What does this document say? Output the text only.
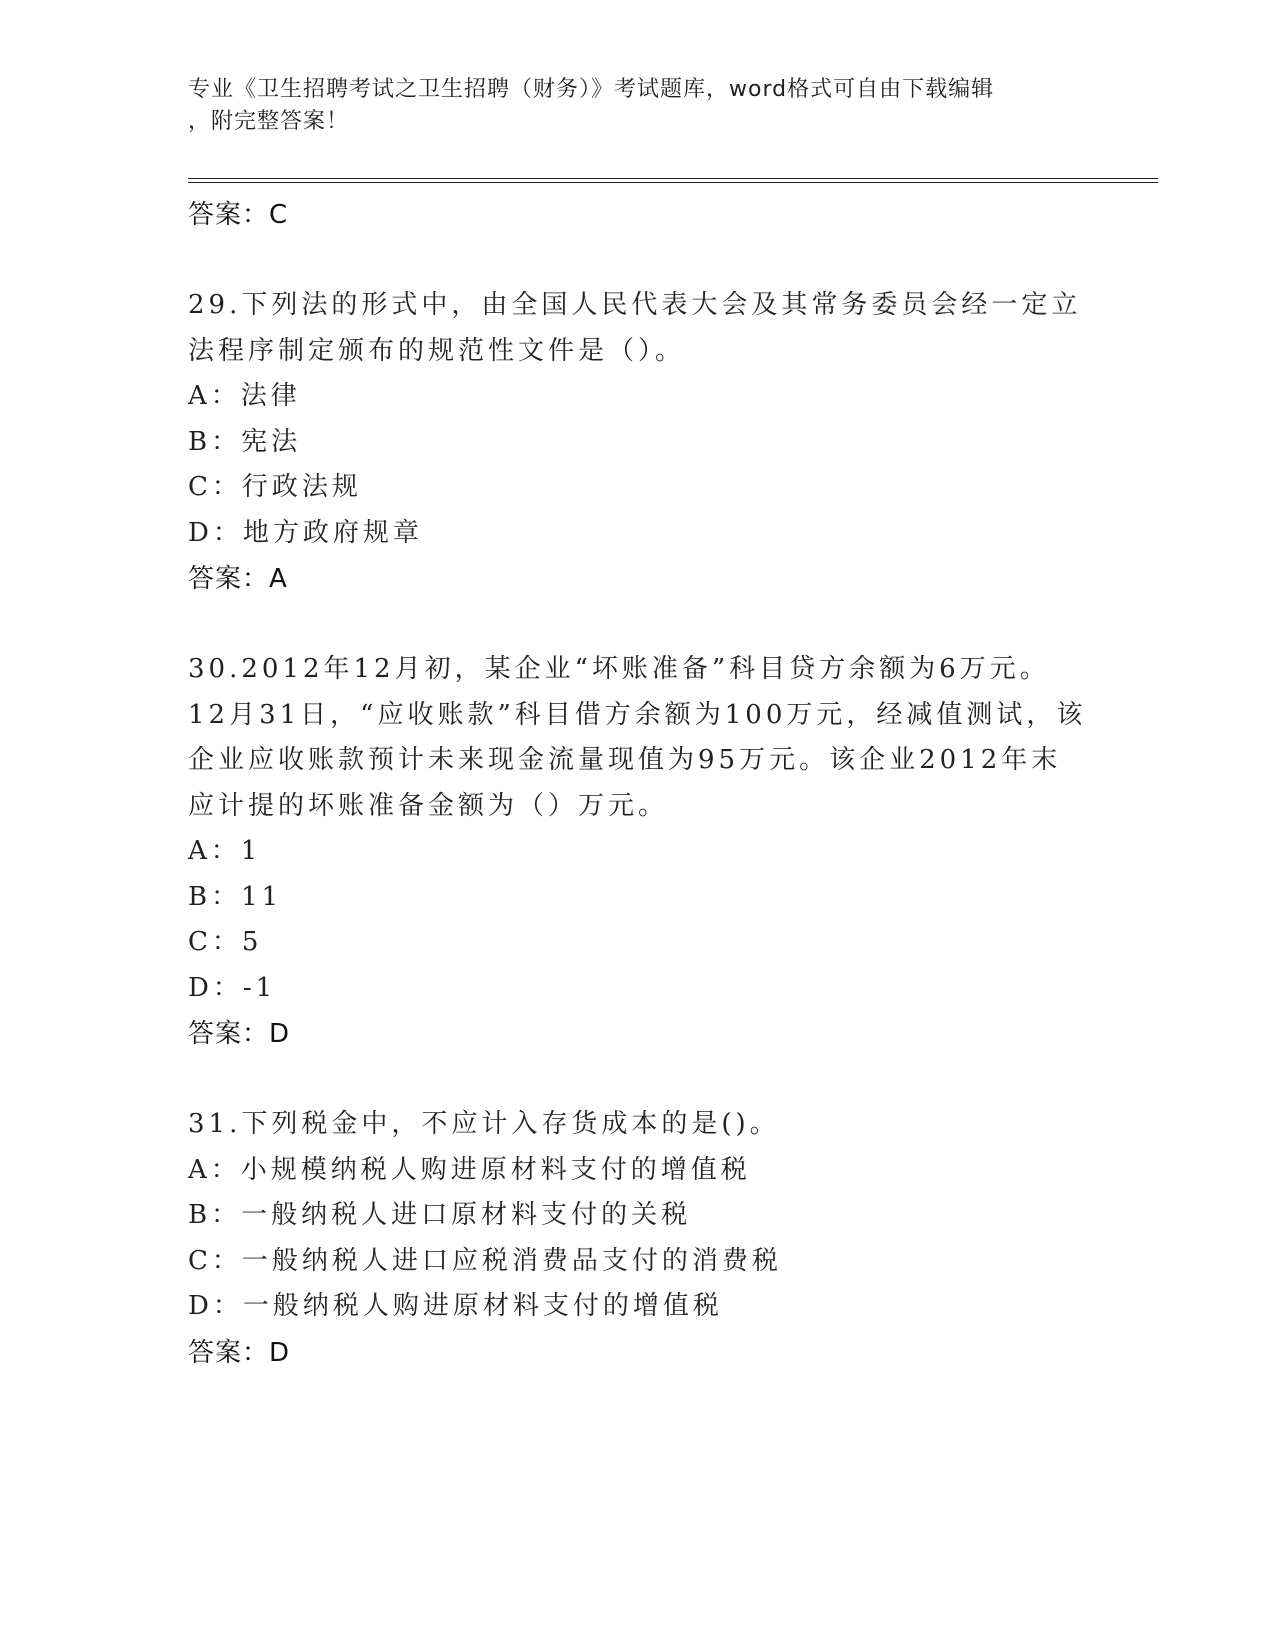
专业《卫生招聘考试之卫生招聘（财务）》考试题库，word格式可自由下载编辑
，附完整答案！
答案：C
29.下列法的形式中，由全国人民代表大会及其常务委员会经一定立法程序制定颁布的规范性文件是（）。
A：法律
B：宪法
C：行政法规
D：地方政府规章
答案：A
30.2012年12月初，某企业“坏账准备”科目贷方余额为6万元。12月31日，“应收账款”科目借方余额为100万元，经减值测试，该企业应收账款预计未来现金流量现值为95万元。该企业2012年末应计提的坏账准备金额为（）万元。
A：1
B：11
C：5
D：-1
答案：D
31.下列税金中，不应计入存货成本的是()。
A：小规模纳税人购进原材料支付的增值税
B：一般纳税人进口原材料支付的关税
C：一般纳税人进口应税消费品支付的消费税
D：一般纳税人购进原材料支付的增值税
答案：D
